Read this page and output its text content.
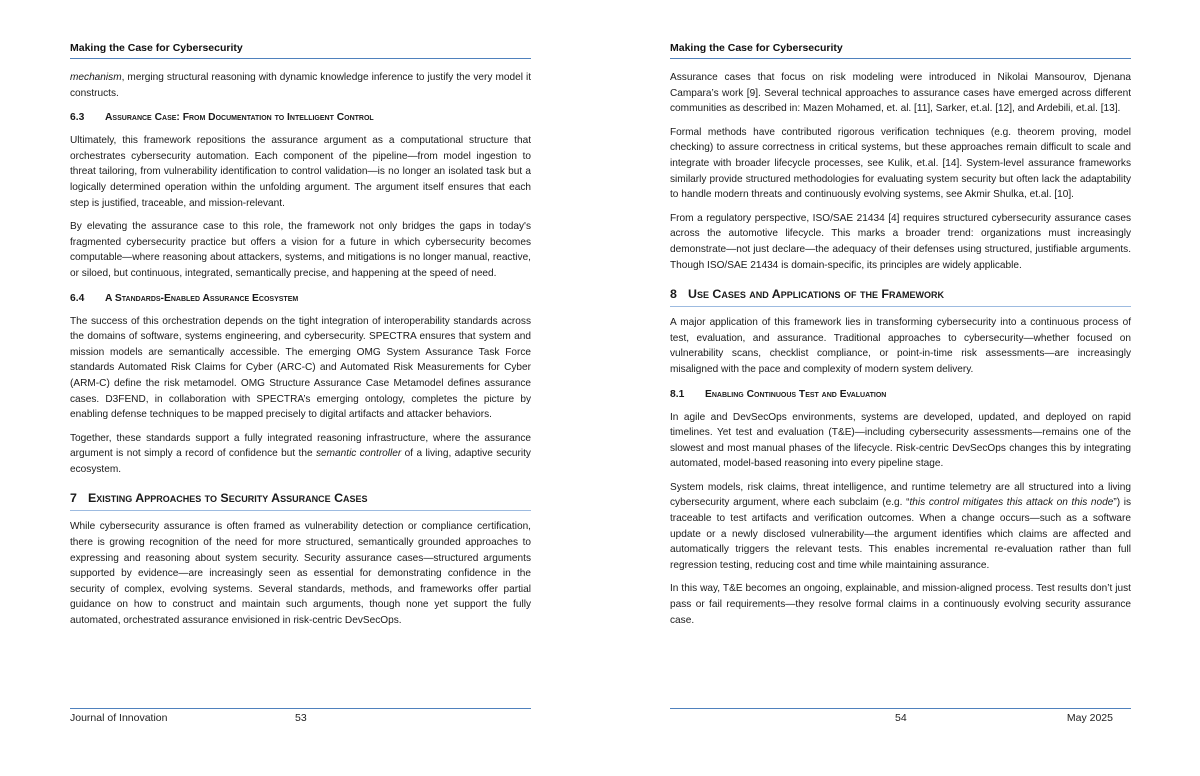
Making the Case for Cybersecurity

mechanism, merging structural reasoning with dynamic knowledge inference to justify the very model it constructs.

6.3 Assurance Case: From Documentation to Intelligent Control

Ultimately, this framework repositions the assurance argument as a computational structure that orchestrates cybersecurity automation. Each component of the pipeline—from model ingestion to threat tailoring, from vulnerability identification to control validation—is no longer an isolated task but a logically determined operation within the unfolding argument. The argument itself ensures that each step is justified, traceable, and mission-relevant.

By elevating the assurance case to this role, the framework not only bridges the gaps in today's fragmented cybersecurity practice but offers a vision for a future in which cybersecurity becomes computable—where reasoning about attackers, systems, and mitigations is no longer manual, reactive, or siloed, but continuous, integrated, semantically precise, and happening at the speed of need.

6.4 A Standards-Enabled Assurance Ecosystem

The success of this orchestration depends on the tight integration of interoperability standards across the domains of software, systems engineering, and cybersecurity. SPECTRA ensures that system and mission models are semantically accessible. The emerging OMG System Assurance Task Force standards Automated Risk Claims for Cyber (ARC-C) and Automated Risk Measurements for Cyber (ARM-C) define the risk metamodel. OMG Structure Assurance Case Metamodel defines assurance cases. D3FEND, in collaboration with SPECTRA’s emerging ontology, completes the picture by enabling defense techniques to be mapped precisely to digital artifacts and attacker behaviors.

Together, these standards support a fully integrated reasoning infrastructure, where the assurance argument is not simply a record of confidence but the semantic controller of a living, adaptive security ecosystem.

7 Existing Approaches to Security Assurance Cases

While cybersecurity assurance is often framed as vulnerability detection or compliance certification, there is growing recognition of the need for more structured, semantically grounded approaches to expressing and reasoning about system security. Security assurance cases—structured arguments supported by evidence—are increasingly seen as essential for demonstrating confidence in the security of complex, evolving systems. Several standards, methods, and frameworks offer partial guidance on how to construct and maintain such arguments, though none yet support the fully automated, orchestrated assurance envisioned in risk-centric DevSecOps.

Journal of Innovation	53
Making the Case for Cybersecurity

Assurance cases that focus on risk modeling were introduced in Nikolai Mansourov, Djenana Campara’s work [9]. Several technical approaches to assurance cases have emerged across different communities as described in: Mazen Mohamed, et. al. [11], Sarker, et.al. [12], and Ardebili, et.al. [13].

Formal methods have contributed rigorous verification techniques (e.g. theorem proving, model checking) to assure correctness in critical systems, but these approaches remain difficult to scale and integrate with broader lifecycle processes, see Kulik, et.al. [14]. System-level assurance frameworks similarly provide structured methodologies for evaluating system security but often lack the adaptability to handle modern threats and continuously evolving systems, see Akmir Shulka, et.al. [10].

From a regulatory perspective, ISO/SAE 21434 [4] requires structured cybersecurity assurance cases across the automotive lifecycle. This marks a broader trend: organizations must increasingly demonstrate—not just declare—the adequacy of their defenses using structured, justifiable arguments. Though ISO/SAE 21434 is domain-specific, its principles are widely applicable.

8 Use Cases and Applications of the Framework

A major application of this framework lies in transforming cybersecurity into a continuous process of test, evaluation, and assurance. Traditional approaches to cybersecurity—whether focused on vulnerability scans, checklist compliance, or point-in-time risk assessments—are increasingly misaligned with the pace and complexity of modern system delivery.

8.1 Enabling Continuous Test and Evaluation

In agile and DevSecOps environments, systems are developed, updated, and deployed on rapid timelines. Yet test and evaluation (T&E)—including cybersecurity assessments—remains one of the slowest and most manual phases of the lifecycle. Risk-centric DevSecOps changes this by integrating automated, model-based reasoning into every pipeline stage.

System models, risk claims, threat intelligence, and runtime telemetry are all structured into a living cybersecurity argument, where each subclaim (e.g. “this control mitigates this attack on this node”) is traceable to test artifacts and verification outcomes. When a change occurs—such as a software update or a newly disclosed vulnerability—the argument identifies which claims are affected and automatically triggers the relevant tests. This enables incremental re-evaluation rather than full regression testing, reducing cost and time while maintaining assurance.

In this way, T&E becomes an ongoing, explainable, and mission-aligned process. Test results don’t just pass or fail requirements—they resolve formal claims in a continuously evolving security assurance case.

54	May 2025
